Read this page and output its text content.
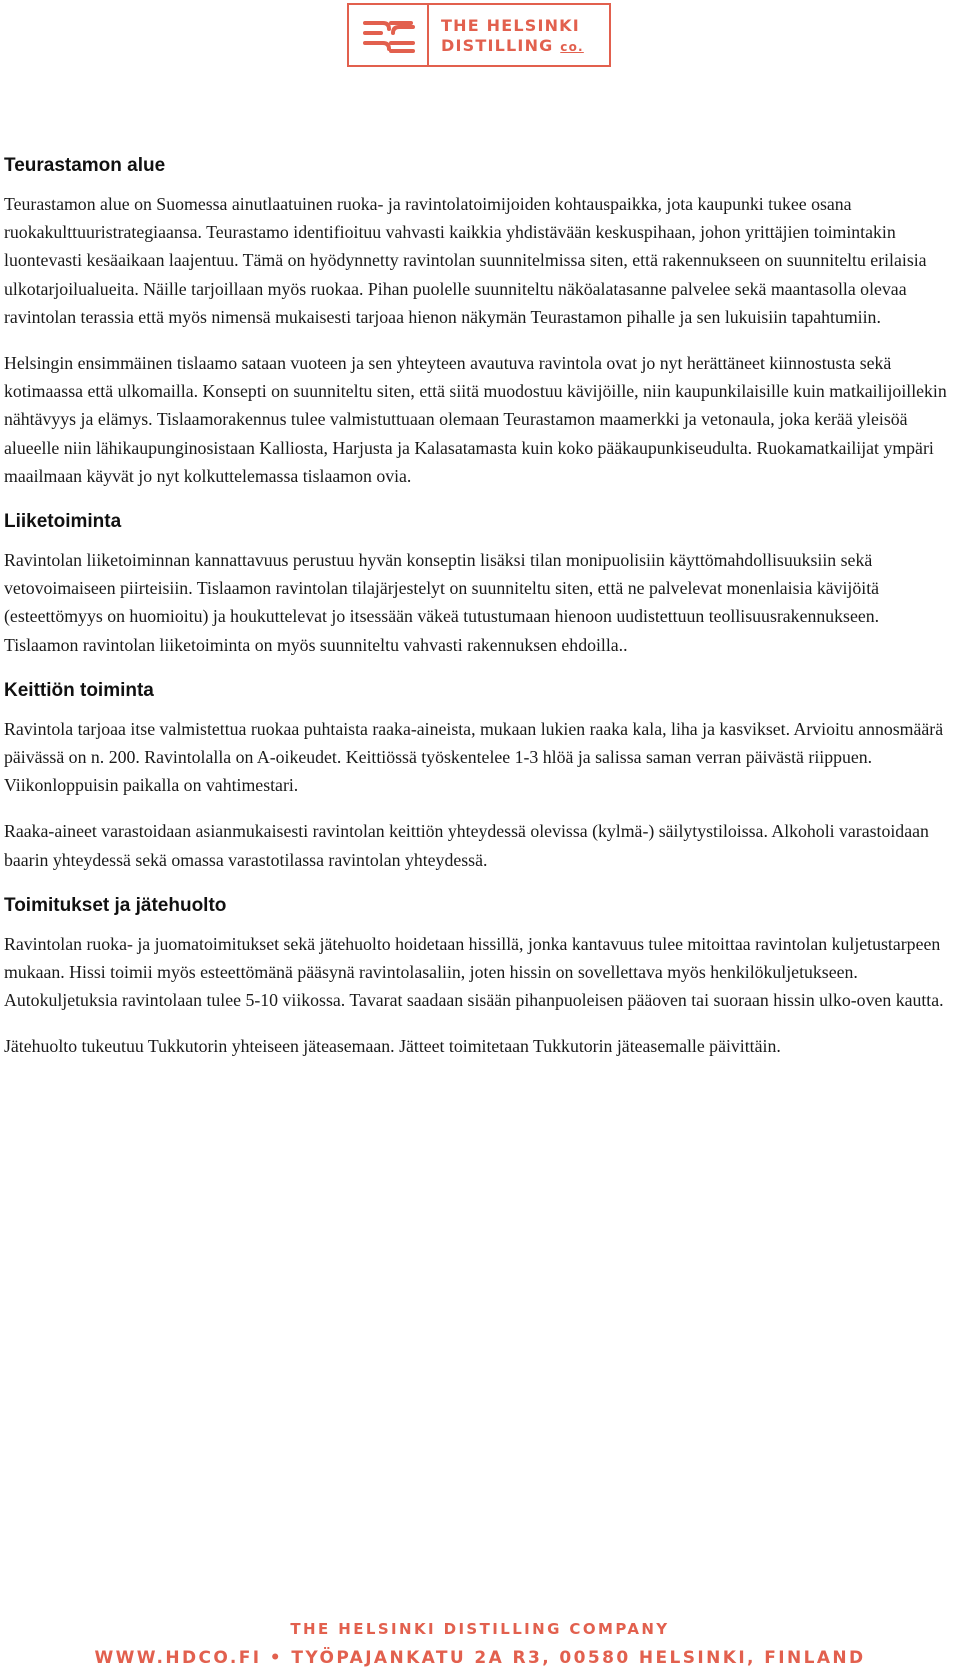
THE HELSINKI
DISTILLING co.
Teurastamon alue

Teurastamon alue on Suomessa ainutlaatuinen ruoka- ja ravintolatoimijoiden kohtauspaikka, jota kaupunki tukee osana ruokakulttuuristrategiaansa. Teurastamo identifioituu vahvasti kaikkia yhdistävään keskuspihaan, johon yrittäjien toimintakin luontevasti kesäaikaan laajentuu. Tämä on hyödynnetty ravintolan suunnitelmissa siten, että rakennukseen on suunniteltu erilaisia ulkotarjoilualueita. Näille tarjoillaan myös ruokaa. Pihan puolelle suunniteltu näköalatasanne palvelee sekä maantasolla olevaa ravintolan terassia että myös nimensä mukaisesti tarjoaa hienon näkymän Teurastamon pihalle ja sen lukuisiin tapahtumiin.

Helsingin ensimmäinen tislaamo sataan vuoteen ja sen yhteyteen avautuva ravintola ovat jo nyt herättäneet kiinnostusta sekä kotimaassa että ulkomailla. Konsepti on suunniteltu siten, että siitä muodostuu kävijöille, niin kaupunkilaisille kuin matkailijoillekin nähtävyys ja elämys. Tislaamorakennus tulee valmistuttuaan olemaan Teurastamon maamerkki ja vetonaula, joka kerää yleisöä alueelle niin lähikaupunginosistaan Kalliosta, Harjusta ja Kalasatamasta kuin koko pääkaupunkiseudulta. Ruokamatkailijat ympäri maailmaan käyvät jo nyt kolkuttelemassa tislaamon ovia.

Liiketoiminta

Ravintolan liiketoiminnan kannattavuus perustuu hyvän konseptin lisäksi tilan monipuolisiin käyttömahdollisuuksiin sekä vetovoimaiseen piirteisiin. Tislaamon ravintolan tilajärjestelyt on suunniteltu siten, että ne palvelevat monenlaisia kävijöitä (esteettömyys on huomioitu) ja houkuttelevat jo itsessään väkeä tutustumaan hienoon uudistettuun teollisuusrakennukseen. Tislaamon ravintolan liiketoiminta on myös suunniteltu vahvasti rakennuksen ehdoilla..

Keittiön toiminta

Ravintola tarjoaa itse valmistettua ruokaa puhtaista raaka-aineista, mukaan lukien raaka kala, liha ja kasvikset. Arvioitu annosmäärä päivässä on n. 200. Ravintolalla on A-oikeudet. Keittiössä työskentelee 1-3 hlöä ja salissa saman verran päivästä riippuen. Viikonloppuisin paikalla on vahtimestari.

Raaka-aineet varastoidaan asianmukaisesti ravintolan keittiön yhteydessä olevissa (kylmä-) säilytystiloissa. Alkoholi varastoidaan baarin yhteydessä sekä omassa varastotilassa ravintolan yhteydessä.

Toimitukset ja jätehuolto

Ravintolan ruoka- ja juomatoimitukset sekä jätehuolto hoidetaan hissillä, jonka kantavuus tulee mitoittaa ravintolan kuljetustarpeen mukaan. Hissi toimii myös esteettömänä pääsynä ravintolasaliin, joten hissin on sovellettava myös henkilökuljetukseen. Autokuljetuksia ravintolaan tulee 5-10 viikossa. Tavarat saadaan sisään pihanpuoleisen pääoven tai suoraan hissin ulko-oven kautta.

Jätehuolto tukeutuu Tukkutorin yhteiseen jäteasemaan. Jätteet toimitetaan Tukkutorin jäteasemalle päivittäin.

THE HELSINKI DISTILLING COMPANY
WWW.HDCO.FI • TYÖPAJANKATU 2A R3, 00580 HELSINKI, FINLAND
